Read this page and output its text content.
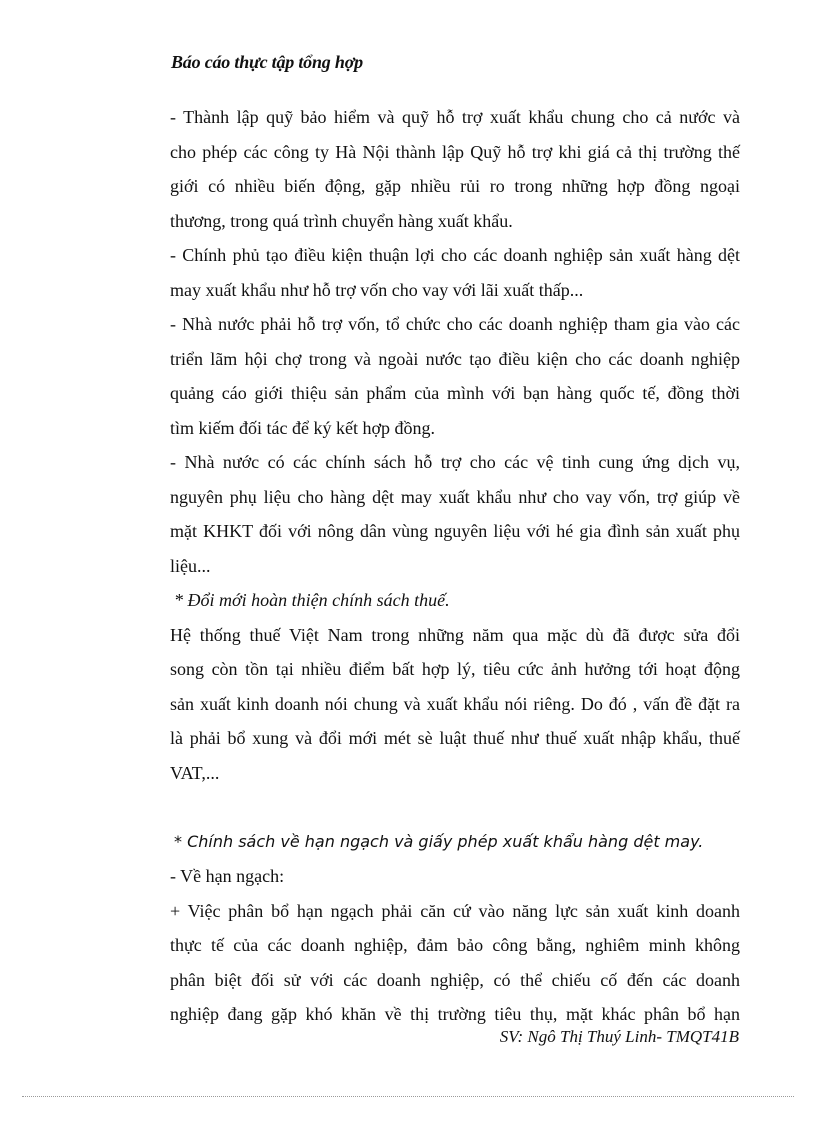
Báo cáo thực tập tổng hợp
- Thành lập quỹ bảo hiểm và quỹ hỗ trợ xuất khẩu chung cho cả nước và
cho phép các công ty Hà Nội thành lập Quỹ hỗ trợ khi giá cả thị trường thế
giới có nhiều biến động, gặp nhiều rủi ro trong những hợp đồng ngoại
thương, trong quá trình chuyển hàng xuất khẩu.
- Chính phủ tạo điều kiện thuận lợi cho các doanh nghiệp sản xuất hàng dệt
may xuất khẩu như hỗ trợ vốn cho vay với lãi xuất thấp...
- Nhà nước phải hỗ trợ vốn, tổ chức cho các doanh nghiệp tham gia vào các
triển lãm hội chợ trong và ngoài nước tạo điều kiện cho các doanh nghiệp
quảng cáo giới thiệu sản phẩm của mình với bạn hàng quốc tế, đồng thời
tìm kiếm đối tác để ký kết hợp đồng.
- Nhà nước có các chính sách hỗ trợ cho các vệ tinh cung ứng dịch vụ,
nguyên phụ liệu cho hàng dệt may xuất khẩu như cho vay vốn, trợ giúp về
mặt KHKT đối với nông dân vùng nguyên liệu với hé gia đình sản xuất phụ
liệu...
* Đổi mới hoàn thiện chính sách thuế.
Hệ thống thuế Việt Nam trong những năm qua mặc dù đã được sửa đổi
song còn tồn tại nhiều điểm bất hợp lý, tiêu cức ảnh hưởng tới hoạt động
sản xuất kinh doanh nói chung và xuất khẩu nói riêng. Do đó , vấn đề đặt ra
là phải bổ xung và đổi mới mét sè luật thuế như thuế xuất nhập khẩu, thuế
VAT,...
* Chính sách về hạn ngạch và giấy phép xuất khẩu hàng dệt may.
- Về hạn ngạch:
+ Việc phân bổ hạn ngạch phải căn cứ vào năng lực sản xuất kinh doanh
thực tế của các doanh nghiệp, đảm bảo công bằng, nghiêm minh không
phân biệt đối sử với các doanh nghiệp, có thể chiếu cố đến các doanh
nghiệp đang gặp khó khăn về thị trường tiêu thụ, mặt khác phân bổ hạn
SV: Ngô Thị Thuý Linh- TMQT41B
